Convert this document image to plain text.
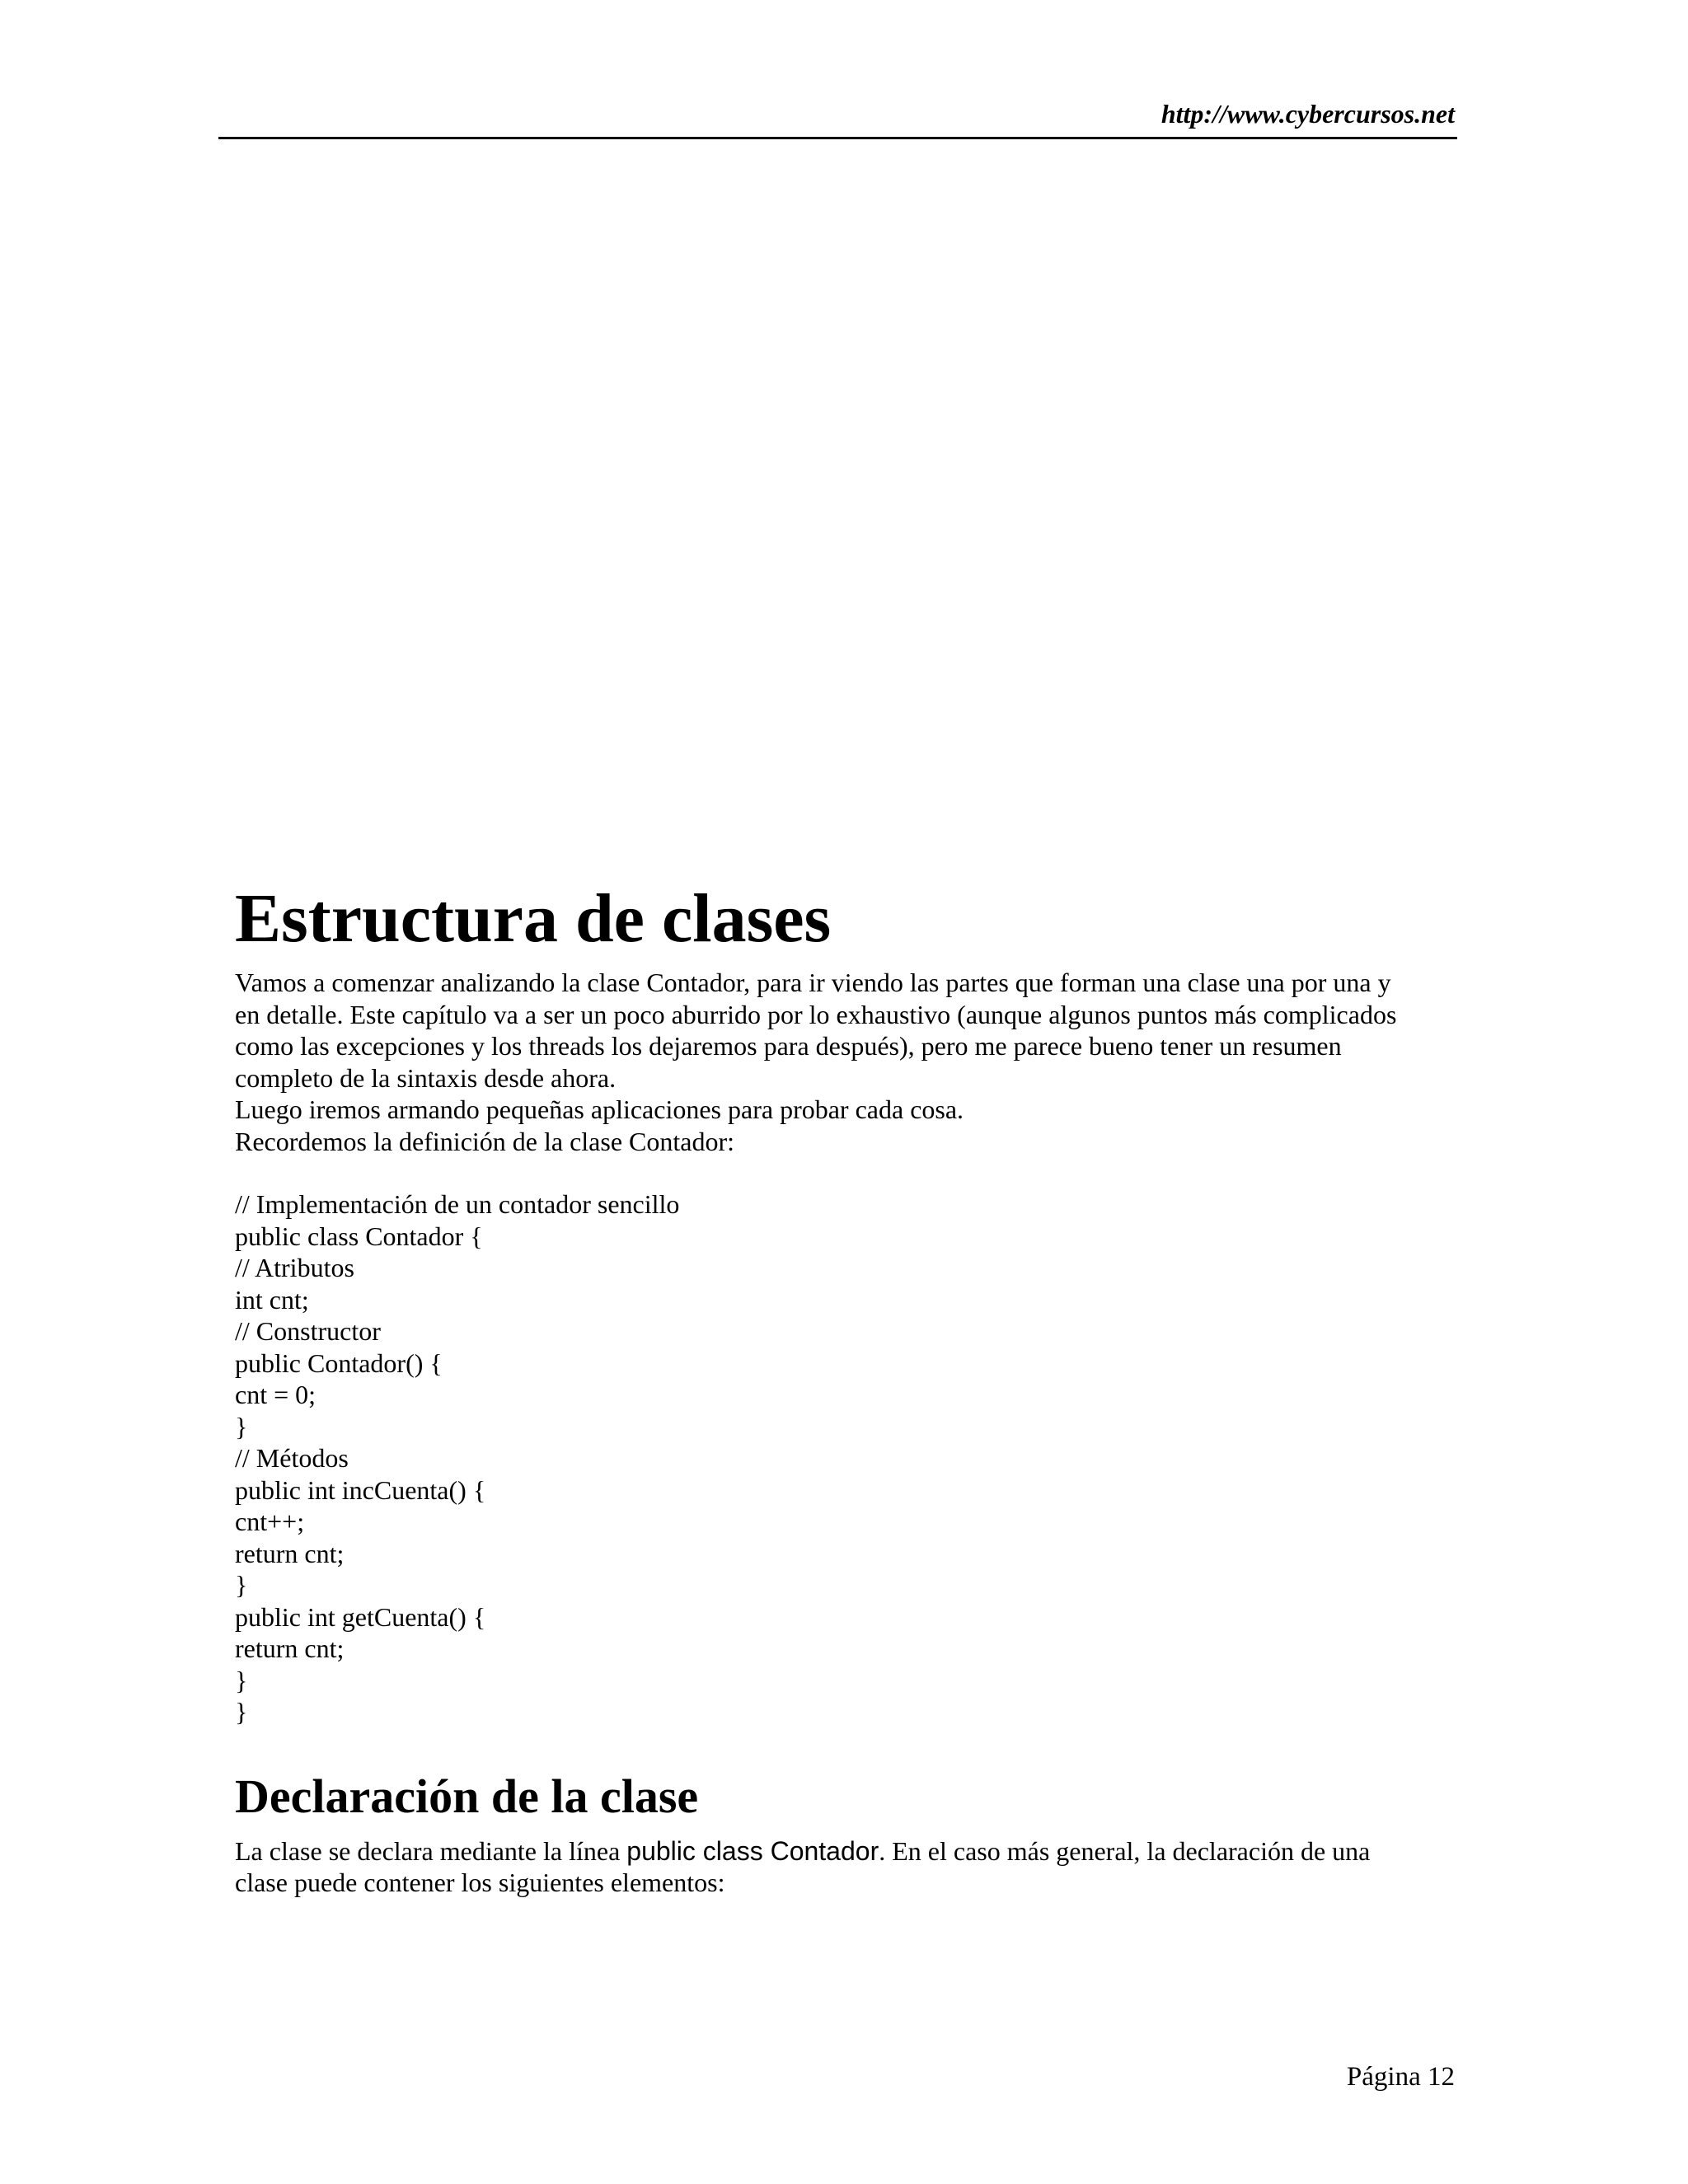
http://www.cybercursos.net
Estructura de clases
Vamos a comenzar analizando la clase Contador, para ir viendo las partes que forman una clase una por una y
en detalle. Este capítulo va a ser un poco aburrido por lo exhaustivo (aunque algunos puntos más complicados
como las excepciones y los threads los dejaremos para después), pero me parece bueno tener un resumen
completo de la sintaxis desde ahora.
Luego iremos armando pequeñas aplicaciones para probar cada cosa.
Recordemos la definición de la clase Contador:
// Implementación de un contador sencillo
public class Contador {
// Atributos
int cnt;
// Constructor
public Contador() {
cnt = 0;
}
// Métodos
public int incCuenta() {
cnt++;
return cnt;
}
public int getCuenta() {
return cnt;
}
}
Declaración de la clase
La clase se declara mediante la línea public class Contador. En el caso más general, la declaración de una
clase puede contener los siguientes elementos:
Página 12
